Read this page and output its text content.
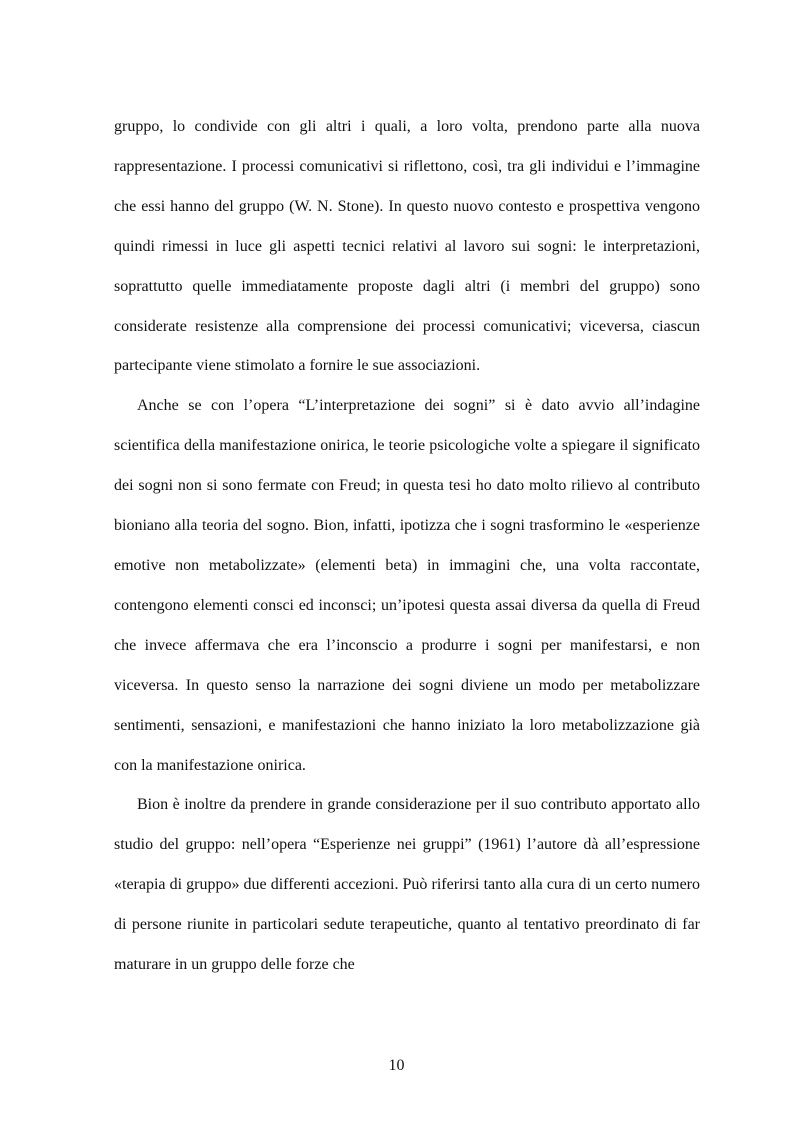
gruppo, lo condivide con gli altri i quali, a loro volta, prendono parte alla nuova rappresentazione. I processi comunicativi si riflettono, così, tra gli individui e l’immagine che essi hanno del gruppo (W. N. Stone). In questo nuovo contesto e prospettiva vengono quindi rimessi in luce gli aspetti tecnici relativi al lavoro sui sogni: le interpretazioni, soprattutto quelle immediatamente proposte dagli altri (i membri del gruppo) sono considerate resistenze alla comprensione dei processi comunicativi; viceversa, ciascun partecipante viene stimolato a fornire le sue associazioni.

Anche se con l’opera “L’interpretazione dei sogni” si è dato avvio all’indagine scientifica della manifestazione onirica, le teorie psicologiche volte a spiegare il significato dei sogni non si sono fermate con Freud; in questa tesi ho dato molto rilievo al contributo bioniano alla teoria del sogno. Bion, infatti, ipotizza che i sogni trasformino le «esperienze emotive non metabolizzate» (elementi beta) in immagini che, una volta raccontate, contengono elementi consci ed inconsci; un’ipotesi questa assai diversa da quella di Freud che invece affermava che era l’inconscio a produrre i sogni per manifestarsi, e non viceversa. In questo senso la narrazione dei sogni diviene un modo per metabolizzare sentimenti, sensazioni, e manifestazioni che hanno iniziato la loro metabolizzazione già con la manifestazione onirica.

Bion è inoltre da prendere in grande considerazione per il suo contributo apportato allo studio del gruppo: nell’opera “Esperienze nei gruppi” (1961) l’autore dà all’espressione «terapia di gruppo» due differenti accezioni. Può riferirsi tanto alla cura di un certo numero di persone riunite in particolari sedute terapeutiche, quanto al tentativo preordinato di far maturare in un gruppo delle forze che

10
